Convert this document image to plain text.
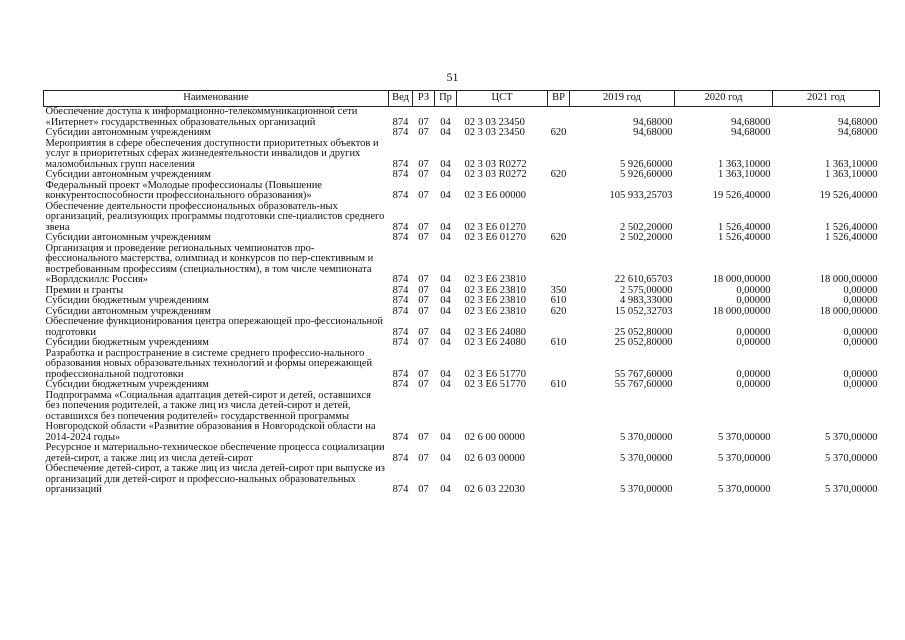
51
Наименование	Вед	РЗ	Пр	ЦСТ	ВР	2019 год	2020 год	2021 год
Обеспечение доступа к информационно-телекоммуникационной сети «Интернет» государственных образовательных организаций	874	07	04	02 3 03 23450		94,68000	94,68000	94,68000
Субсидии автономным учреждениям	874	07	04	02 3 03 23450	620	94,68000	94,68000	94,68000
Мероприятия в сфере обеспечения доступности приоритетных объектов и услуг в приоритетных сферах жизнедеятельности инвалидов и других маломобильных групп населения	874	07	04	02 3 03 R0272		5 926,60000	1 363,10000	1 363,10000
Субсидии автономным учреждениям	874	07	04	02 3 03 R0272	620	5 926,60000	1 363,10000	1 363,10000
Федеральный проект «Молодые профессионалы (Повышение конкурентоспособности профессионального образования)»	874	07	04	02 3 E6 00000		105 933,25703	19 526,40000	19 526,40000
Обеспечение деятельности профессиональных образователь-ных организаций, реализующих программы подготовки спе-циалистов среднего звена	874	07	04	02 3 E6 01270		2 502,20000	1 526,40000	1 526,40000
Субсидии автономным учреждениям	874	07	04	02 3 E6 01270	620	2 502,20000	1 526,40000	1 526,40000
Организация и проведение региональных чемпионатов про-фессионального мастерства, олимпиад и конкурсов по пер-спективным и востребованным профессиям (специальностям), в том числе чемпионата «Ворлдскиллс Россия»	874	07	04	02 3 E6 23810		22 610,65703	18 000,00000	18 000,00000
Премии и гранты	874	07	04	02 3 E6 23810	350	2 575,00000	0,00000	0,00000
Субсидии бюджетным учреждениям	874	07	04	02 3 E6 23810	610	4 983,33000	0,00000	0,00000
Субсидии автономным учреждениям	874	07	04	02 3 E6 23810	620	15 052,32703	18 000,00000	18 000,00000
Обеспечение функционирования центра опережающей про-фессиональной подготовки	874	07	04	02 3 E6 24080		25 052,80000	0,00000	0,00000
Субсидии бюджетным учреждениям	874	07	04	02 3 E6 24080	610	25 052,80000	0,00000	0,00000
Разработка и распространение в системе среднего профессио-нального образования новых образовательных технологий и формы опережающей профессиональной подготовки	874	07	04	02 3 E6 51770		55 767,60000	0,00000	0,00000
Субсидии бюджетным учреждениям	874	07	04	02 3 E6 51770	610	55 767,60000	0,00000	0,00000
Подпрограмма «Социальная адаптация детей-сирот и детей, оставшихся без попечения родителей, а также лиц из числа детей-сирот и детей, оставшихся без попечения родителей» государственной программы Новгородской области «Развитие образования в Новгородской области на 2014-2024 годы»	874	07	04	02 6 00 00000		5 370,00000	5 370,00000	5 370,00000
Ресурсное и материально-техническое обеспечение процесса социализации детей-сирот, а также лиц из числа детей-сирот	874	07	04	02 6 03 00000		5 370,00000	5 370,00000	5 370,00000
Обеспечение детей-сирот, а также лиц из числа детей-сирот при выпуске из организаций для детей-сирот и профессио-нальных образовательных организаций	874	07	04	02 6 03 22030		5 370,00000	5 370,00000	5 370,00000
